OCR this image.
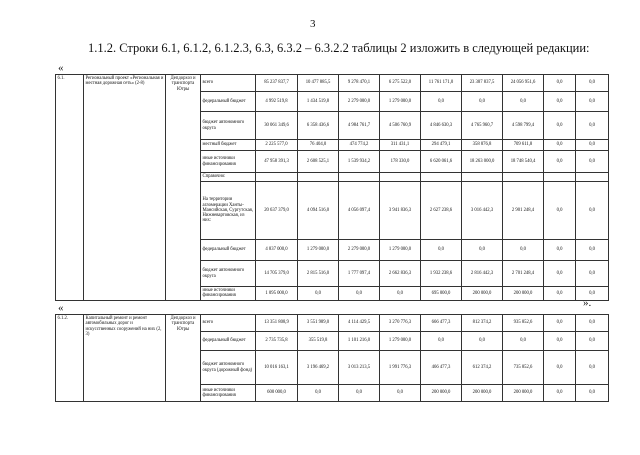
3
1.1.2. Строки 6.1, 6.1.2, 6.1.2.3, 6.3, 6.3.2 – 6.3.2.2 таблицы 2 изложить в следующей редакции:
«
6.1.	Региональный проект «Региональная и местная дорожная сеть» (2-8)	Депдорхоз и транспорта Югры	всего	85 237 837,7	10 477 885,5	9 278 470,1	6 275 522,0	11 761 171,0	23 387 837,5	24 056 951,6	0,0	0,0
			федеральный бюджет	4 992 519,8	1 434 519,8	2 279 000,0	1 279 000,0	0,0	0,0	0,0	0,0	0,0
			бюджет автономного округа	30 061 349,6	6 358 436,6	4 984 761,7	4 506 760,9	4 846 630,3	4 765 960,7	4 598 799,4	0,0	0,0
			местный бюджет	2 225 577,0	76 404,0	474 774,2	311 431,1	294 479,1	358 876,8	709 611,8	0,0	0,0
			иные источники финансирования	47 958 391,3	2 608 525,1	1 539 934,2	178 330,0	6 620 061,6	18 263 000,0	18 748 540,4	0,0	0,0
			Справочно:									
			На территории агломерации Ханты-Мансийская, Сургутская, Нижневартовская, из них:	20 637 379,0	4 094 516,0	4 056 097,4	3 941 836,3	2 627 238,6	3 016 442,3	2 901 248,4	0,0	0,0
			федеральный бюджет	4 837 000,0	1 279 000,0	2 279 000,0	1 279 000,0	0,0	0,0	0,0	0,0	0,0
			бюджет автономного округа	14 705 379,0	2 815 516,0	1 777 097,4	2 662 836,3	1 932 238,6	2 816 442,3	2 701 248,4	0,0	0,0
			иные источники финансирования	1 095 000,0	0,0	0,0	0,0	695 000,0	200 000,0	200 000,0	0,0	0,0
».
«
6.1.2.	Капитальный ремонт и ремонт автомобильных дорог и искусственных сооружений на них (2, 3)	Депдорхоз и транспорта Югры	всего	13 351 808,9	3 551 989,0	4 114 429,5	3 270 776,3	666 477,3	812 374,2	935 852,6	0,0	0,0
			федеральный бюджет	2 735 735,8	355 519,8	1 101 216,0	1 279 000,0	0,0	0,0	0,0	0,0	0,0
			бюджет автономного округа (дорожный фонд)	10 016 163,1	3 196 469,2	3 013 213,5	1 991 776,3	466 477,3	612 374,2	735 852,6	0,0	0,0
			иные источники финансирования	600 000,0	0,0	0,0	0,0	200 000,0	200 000,0	200 000,0	0,0	0,0
